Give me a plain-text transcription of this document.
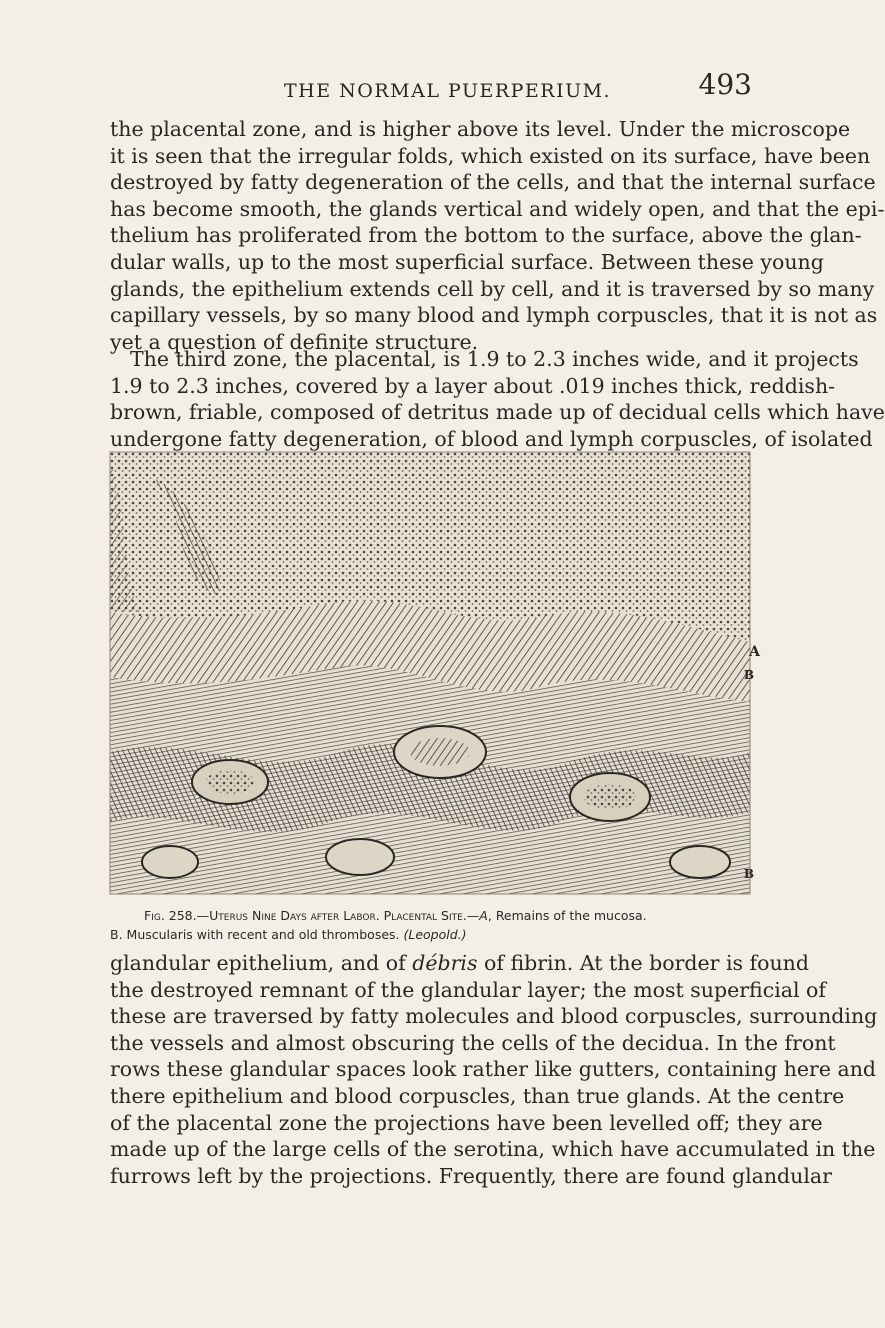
THE NORMAL PUERPERIUM.	493
the placental zone, and is higher above its level. Under the microscope
it is seen that the irregular folds, which existed on its surface, have been
destroyed by fatty degeneration of the cells, and that the internal surface
has become smooth, the glands vertical and widely open, and that the epi-
thelium has proliferated from the bottom to the surface, above the glan-
dular walls, up to the most superficial surface. Between these young
glands, the epithelium extends cell by cell, and it is traversed by so many
capillary vessels, by so many blood and lymph corpuscles, that it is not as
yet a question of definite structure.
The third zone, the placental, is 1.9 to 2.3 inches wide, and it projects
1.9 to 2.3 inches, covered by a layer about .019 inches thick, reddish-
brown, friable, composed of detritus made up of decidual cells which have
undergone fatty degeneration, of blood and lymph corpuscles, of isolated
A
B
B
Fig. 258.—Uterus Nine Days after Labor. Placental Site.—A, Remains of the mucosa.
B. Muscularis with recent and old thromboses. (Leopold.)
glandular epithelium, and of débris of fibrin. At the border is found
the destroyed remnant of the glandular layer; the most superficial of
these are traversed by fatty molecules and blood corpuscles, surrounding
the vessels and almost obscuring the cells of the decidua. In the front
rows these glandular spaces look rather like gutters, containing here and
there epithelium and blood corpuscles, than true glands. At the centre
of the placental zone the projections have been levelled off; they are
made up of the large cells of the serotina, which have accumulated in the
furrows left by the projections. Frequently, there are found glandular
